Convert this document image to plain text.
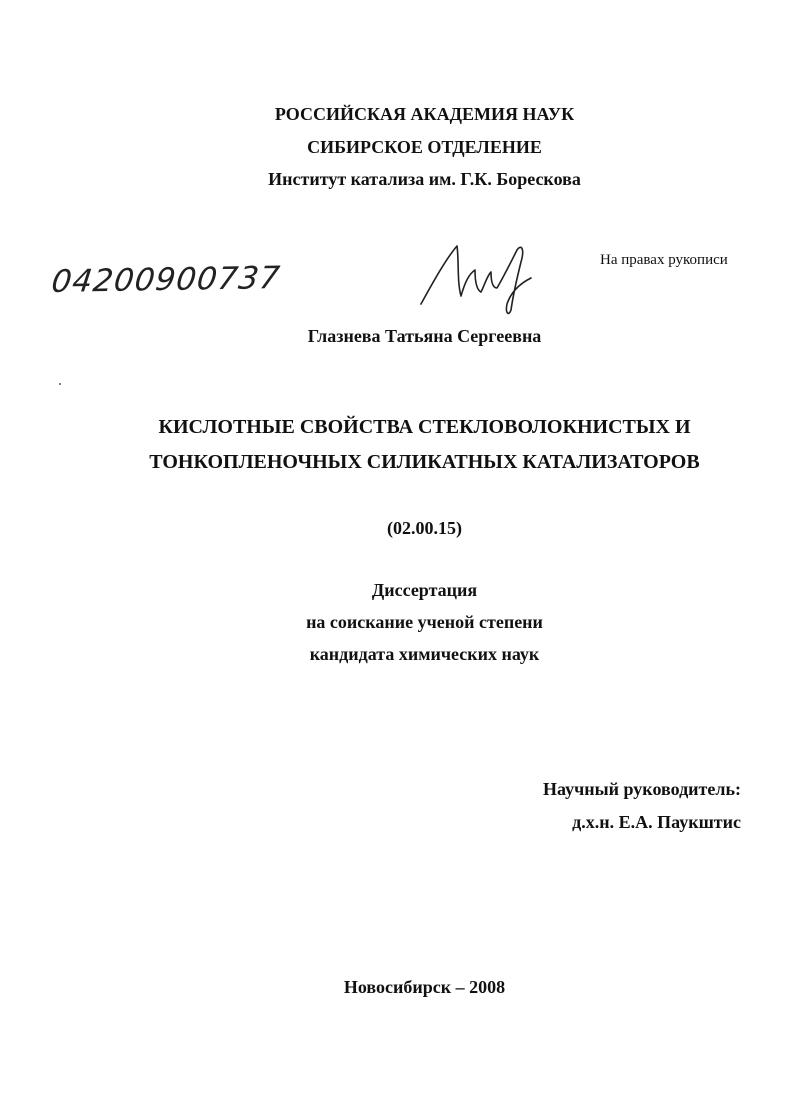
РОССИЙСКАЯ АКАДЕМИЯ НАУК
СИБИРСКОЕ ОТДЕЛЕНИЕ
Институт катализа им. Г.К. Борескова
04200900737
На правах рукописи
Глазнева Татьяна Сергеевна
КИСЛОТНЫЕ СВОЙСТВА СТЕКЛОВОЛОКНИСТЫХ И
ТОНКОПЛЕНОЧНЫХ СИЛИКАТНЫХ КАТАЛИЗАТОРОВ
(02.00.15)
Диссертация
на соискание ученой степени
кандидата химических наук
Научный руководитель:
д.х.н. Е.А. Паукштис
Новосибирск – 2008
